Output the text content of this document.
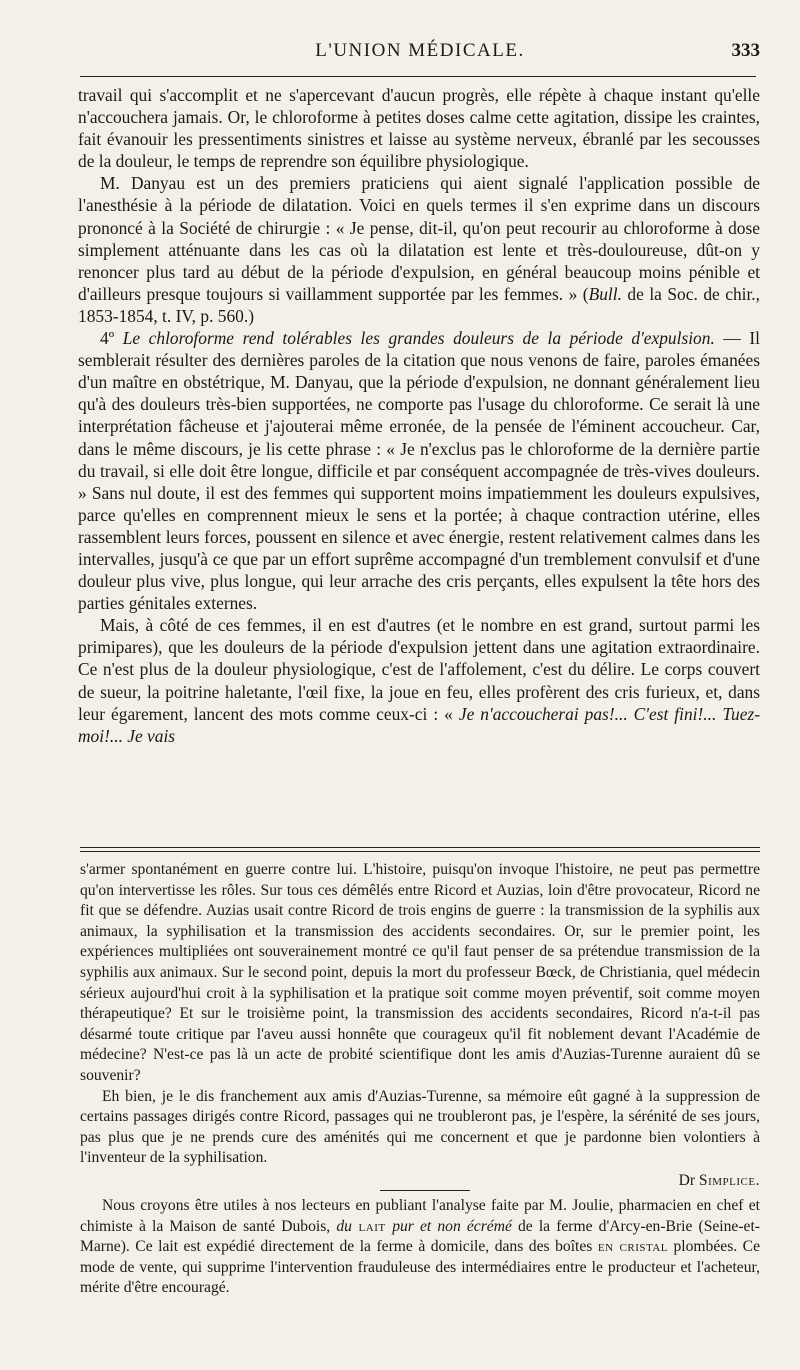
L'UNION MÉDICALE.	333

travail qui s'accomplit et ne s'apercevant d'aucun progrès, elle répète à chaque instant qu'elle n'accouchera jamais. Or, le chloroforme à petites doses calme cette agitation, dissipe les craintes, fait évanouir les pressentiments sinistres et laisse au système nerveux, ébranlé par les secousses de la douleur, le temps de reprendre son équilibre physiologique.

M. Danyau est un des premiers praticiens qui aient signalé l'application possible de l'anesthésie à la période de dilatation. Voici en quels termes il s'en exprime dans un discours prononcé à la Société de chirurgie : « Je pense, dit-il, qu'on peut recourir au chloroforme à dose simplement atténuante dans les cas où la dilatation est lente et très-douloureuse, dût-on y renoncer plus tard au début de la période d'expulsion, en général beaucoup moins pénible et d'ailleurs presque toujours si vaillamment supportée par les femmes. » (Bull. de la Soc. de chir., 1853-1854, t. IV, p. 560.)

4º Le chloroforme rend tolérables les grandes douleurs de la période d'expulsion. — Il semblerait résulter des dernières paroles de la citation que nous venons de faire, paroles émanées d'un maître en obstétrique, M. Danyau, que la période d'expulsion, ne donnant généralement lieu qu'à des douleurs très-bien supportées, ne comporte pas l'usage du chloroforme. Ce serait là une interprétation fâcheuse et j'ajouterai même erronée, de la pensée de l'éminent accoucheur. Car, dans le même discours, je lis cette phrase : « Je n'exclus pas le chloroforme de la dernière partie du travail, si elle doit être longue, difficile et par conséquent accompagnée de très-vives douleurs. » Sans nul doute, il est des femmes qui supportent moins impatiemment les douleurs expulsives, parce qu'elles en comprennent mieux le sens et la portée; à chaque contraction utérine, elles rassemblent leurs forces, poussent en silence et avec énergie, restent relativement calmes dans les intervalles, jusqu'à ce que par un effort suprême accompagné d'un tremblement convulsif et d'une douleur plus vive, plus longue, qui leur arrache des cris perçants, elles expulsent la tête hors des parties génitales externes.

Mais, à côté de ces femmes, il en est d'autres (et le nombre en est grand, surtout parmi les primipares), que les douleurs de la période d'expulsion jettent dans une agitation extraordinaire. Ce n'est plus de la douleur physiologique, c'est de l'affolement, c'est du délire. Le corps couvert de sueur, la poitrine haletante, l'œil fixe, la joue en feu, elles profèrent des cris furieux, et, dans leur égarement, lancent des mots comme ceux-ci : « Je n'accoucherai pas!... C'est fini!... Tuez-moi!... Je vais

s'armer spontanément en guerre contre lui. L'histoire, puisqu'on invoque l'histoire, ne peut pas permettre qu'on intervertisse les rôles. Sur tous ces démêlés entre Ricord et Auzias, loin d'être provocateur, Ricord ne fit que se défendre. Auzias usait contre Ricord de trois engins de guerre : la transmission de la syphilis aux animaux, la syphilisation et la transmission des accidents secondaires. Or, sur le premier point, les expériences multipliées ont souverainement montré ce qu'il faut penser de sa prétendue transmission de la syphilis aux animaux. Sur le second point, depuis la mort du professeur Bœck, de Christiania, quel médecin sérieux aujourd'hui croit à la syphilisation et la pratique soit comme moyen préventif, soit comme moyen thérapeutique? Et sur le troisième point, la transmission des accidents secondaires, Ricord n'a-t-il pas désarmé toute critique par l'aveu aussi honnête que courageux qu'il fit noblement devant l'Académie de médecine? N'est-ce pas là un acte de probité scientifique dont les amis d'Auzias-Turenne auraient dû se souvenir?

Eh bien, je le dis franchement aux amis d'Auzias-Turenne, sa mémoire eût gagné à la suppression de certains passages dirigés contre Ricord, passages qui ne troubleront pas, je l'espère, la sérénité de ses jours, pas plus que je ne prends cure des aménités qui me concernent et que je pardonne bien volontiers à l'inventeur de la syphilisation.

Dr Simplice.

Nous croyons être utiles à nos lecteurs en publiant l'analyse faite par M. Joulie, pharmacien en chef et chimiste à la Maison de santé Dubois, du lait pur et non écrémé de la ferme d'Arcy-en-Brie (Seine-et-Marne). Ce lait est expédié directement de la ferme à domicile, dans des boîtes en cristal plombées. Ce mode de vente, qui supprime l'intervention frauduleuse des intermédiaires entre le producteur et l'acheteur, mérite d'être encouragé.
